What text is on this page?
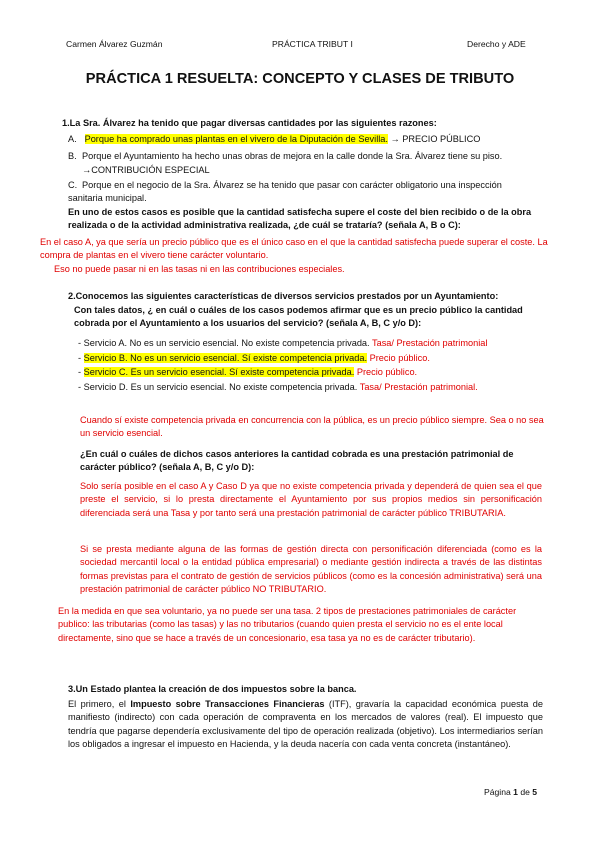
Carmen Álvarez Guzmán	PRÁCTICA TRIBUT I	Derecho y ADE
PRÁCTICA 1 RESUELTA: CONCEPTO Y CLASES DE TRIBUTO
1.La Sra. Álvarez ha tenido que pagar diversas cantidades por las siguientes razones:
A. Porque ha comprado unas plantas en el vivero de la Diputación de Sevilla. → PRECIO PÚBLICO
B. Porque el Ayuntamiento ha hecho unas obras de mejora en la calle donde la Sra. Álvarez tiene su piso.
→CONTRIBUCIÓN ESPECIAL
C. Porque en el negocio de la Sra. Álvarez se ha tenido que pasar con carácter obligatorio una inspección sanitaria municipal.
En uno de estos casos es posible que la cantidad satisfecha supere el coste del bien recibido o de la obra realizada o de la actividad administrativa realizada, ¿de cuál se trataría? (señala A, B o C):
En el caso A, ya que sería un precio público que es el único caso en el que la cantidad satisfecha puede superar el coste. La compra de plantas en el vivero tiene carácter voluntario.
Eso no puede pasar ni en las tasas ni en las contribuciones especiales.
2.Conocemos las siguientes características de diversos servicios prestados por un Ayuntamiento:
Con tales datos, ¿ en cuál o cuáles de los casos podemos afirmar que es un precio público la cantidad cobrada por el Ayuntamiento a los usuarios del servicio? (señala A, B, C y/o D):
- Servicio A. No es un servicio esencial. No existe competencia privada. Tasa/ Prestación patrimonial
- Servicio B. No es un servicio esencial. Sí existe competencia privada. Precio público.
- Servicio C. Es un servicio esencial. Sí existe competencia privada. Precio público.
- Servicio D. Es un servicio esencial. No existe competencia privada. Tasa/ Prestación patrimonial.
Cuando sí existe competencia privada en concurrencia con la pública, es un precio público siempre. Sea o no sea un servicio esencial.
¿En cuál o cuáles de dichos casos anteriores la cantidad cobrada es una prestación patrimonial de carácter público? (señala A, B, C y/o D):
Solo sería posible en el caso A y Caso D ya que no existe competencia privada y dependerá de quien sea el que preste el servicio, si lo presta directamente el Ayuntamiento por sus propios medios sin personificación diferenciada será una Tasa y por tanto será una prestación patrimonial de carácter público TRIBUTARIA.
Si se presta mediante alguna de las formas de gestión directa con personificación diferenciada (como es la sociedad mercantil local o la entidad pública empresarial) o mediante gestión indirecta a través de las distintas formas previstas para el contrato de gestión de servicios públicos (como es la concesión administrativa) será una prestación patrimonial de carácter público NO TRIBUTARIO.
En la medida en que sea voluntario, ya no puede ser una tasa. 2 tipos de prestaciones patrimoniales de carácter publico: las tributarias (como las tasas) y las no tributarios (cuando quien presta el servicio no es el ente local directamente, sino que se hace a través de un concesionario, esa tasa ya no es de carácter tributario).
3.Un Estado plantea la creación de dos impuestos sobre la banca.
El primero, el Impuesto sobre Transacciones Financieras (ITF), gravaría la capacidad económica puesta de manifiesto (indirecto) con cada operación de compraventa en los mercados de valores (real). El impuesto que tendría que pagarse dependería exclusivamente del tipo de operación realizada (objetivo). Los intermediarios serían los obligados a ingresar el impuesto en Hacienda, y la deuda nacería con cada venta concreta (instantáneo).
Página 1 de 5
